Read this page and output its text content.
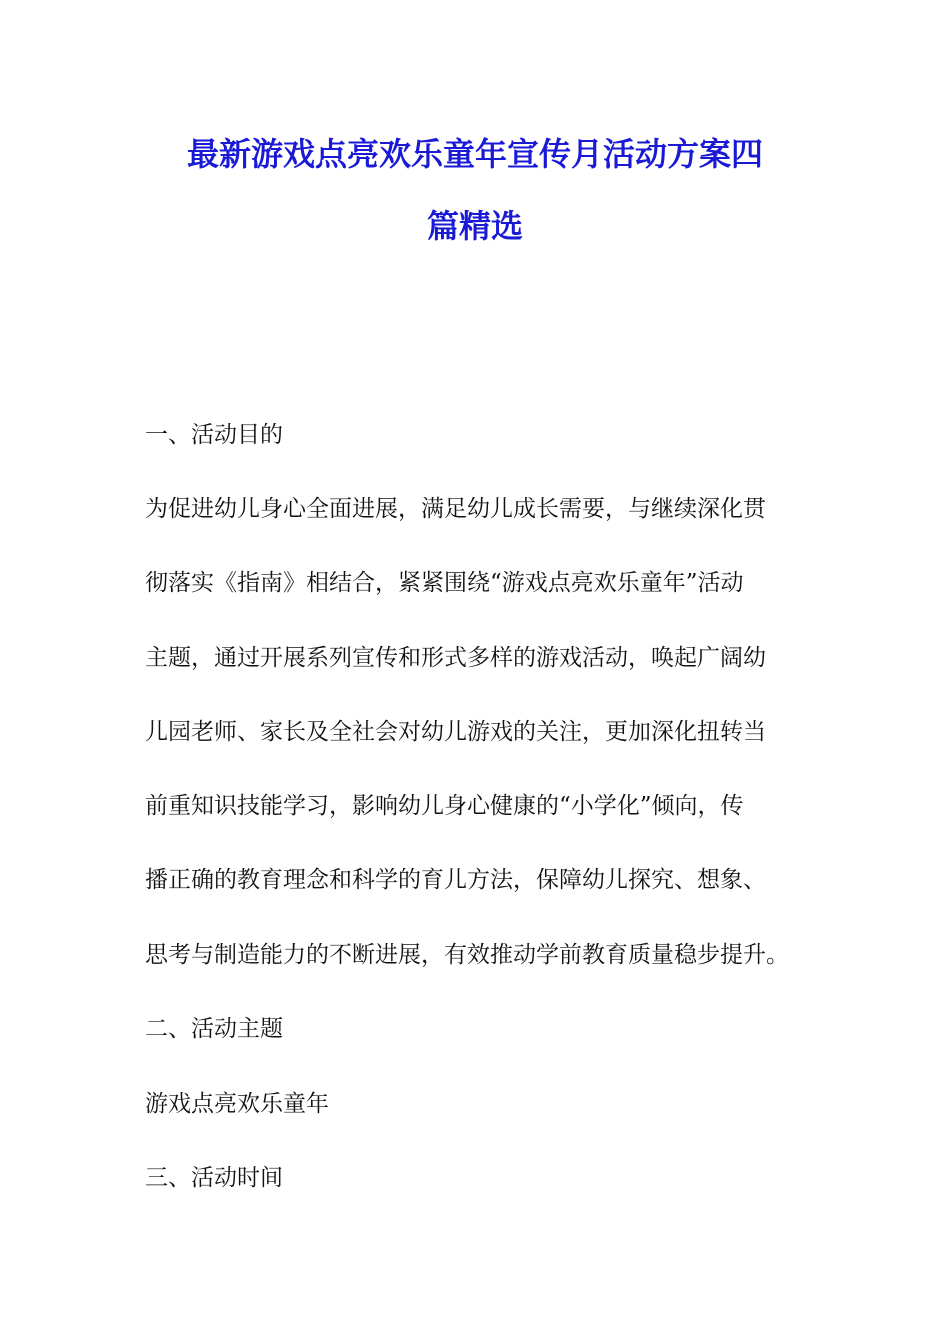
最新游戏点亮欢乐童年宣传月活动方案四
篇精选
一、活动目的
为促进幼儿身心全面进展，满足幼儿成长需要，与继续深化贯
彻落实《指南》相结合，紧紧围绕“游戏点亮欢乐童年”活动
主题，通过开展系列宣传和形式多样的游戏活动，唤起广阔幼
儿园老师、家长及全社会对幼儿游戏的关注，更加深化扭转当
前重知识技能学习，影响幼儿身心健康的“小学化”倾向，传
播正确的教育理念和科学的育儿方法，保障幼儿探究、想象、
思考与制造能力的不断进展，有效推动学前教育质量稳步提升。
二、活动主题
游戏点亮欢乐童年
三、活动时间
